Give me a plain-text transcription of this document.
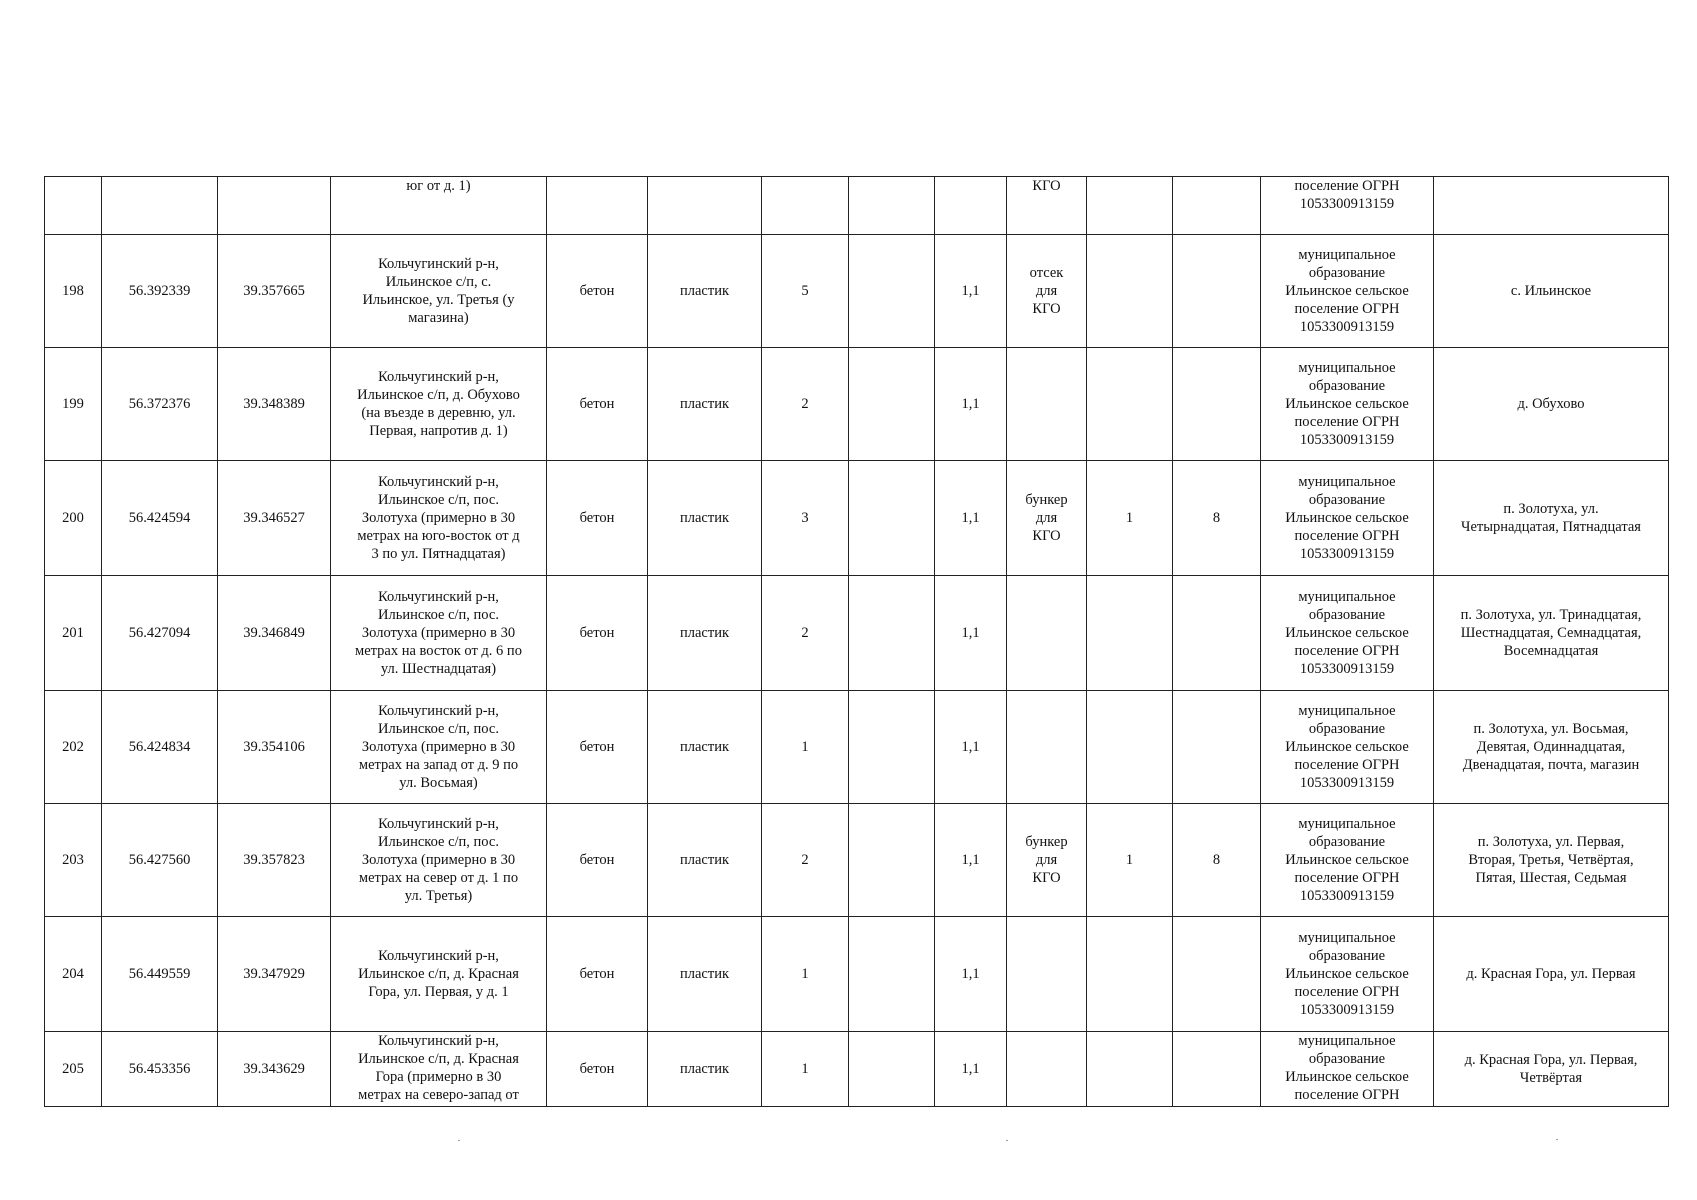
			юг от д. 1)						КГО			поселение ОГРН
1053300913159	
198	56.392339	39.357665	Кольчугинский р-н,
Ильинское с/п, с.
Ильинское, ул. Третья (у
магазина)	бетон	пластик	5		1,1	отсек
для
КГО			муниципальное
образование
Ильинское сельское
поселение ОГРН
1053300913159	с. Ильинское
199	56.372376	39.348389	Кольчугинский р-н,
Ильинское с/п, д. Обухово
(на въезде в деревню, ул.
Первая, напротив д. 1)	бетон	пластик	2		1,1				муниципальное
образование
Ильинское сельское
поселение ОГРН
1053300913159	д. Обухово
200	56.424594	39.346527	Кольчугинский р-н,
Ильинское с/п, пос.
Золотуха (примерно в 30
метрах на юго-восток от д
3 по ул. Пятнадцатая)	бетон	пластик	3		1,1	бункер
для
КГО	1	8	муниципальное
образование
Ильинское сельское
поселение ОГРН
1053300913159	п. Золотуха, ул.
Четырнадцатая, Пятнадцатая
201	56.427094	39.346849	Кольчугинский р-н,
Ильинское с/п, пос.
Золотуха (примерно в 30
метрах на восток от д. 6 по
ул. Шестнадцатая)	бетон	пластик	2		1,1				муниципальное
образование
Ильинское сельское
поселение ОГРН
1053300913159	п. Золотуха, ул. Тринадцатая,
Шестнадцатая, Семнадцатая,
Восемнадцатая
202	56.424834	39.354106	Кольчугинский р-н,
Ильинское с/п, пос.
Золотуха (примерно в 30
метрах на запад от д. 9 по
ул. Восьмая)	бетон	пластик	1		1,1				муниципальное
образование
Ильинское сельское
поселение ОГРН
1053300913159	п. Золотуха, ул. Восьмая,
Девятая, Одиннадцатая,
Двенадцатая, почта, магазин
203	56.427560	39.357823	Кольчугинский р-н,
Ильинское с/п, пос.
Золотуха (примерно в 30
метрах на север от д. 1 по
ул. Третья)	бетон	пластик	2		1,1	бункер
для
КГО	1	8	муниципальное
образование
Ильинское сельское
поселение ОГРН
1053300913159	п. Золотуха, ул. Первая,
Вторая, Третья, Четвёртая,
Пятая, Шестая, Седьмая
204	56.449559	39.347929	Кольчугинский р-н,
Ильинское с/п, д. Красная
Гора, ул. Первая, у д. 1	бетон	пластик	1		1,1				муниципальное
образование
Ильинское сельское
поселение ОГРН
1053300913159	д. Красная Гора, ул. Первая
205	56.453356	39.343629	Кольчугинский р-н,
Ильинское с/п, д. Красная
Гора (примерно в 30
метрах на северо-запад от	бетон	пластик	1		1,1				муниципальное
образование
Ильинское сельское
поселение ОГРН	д. Красная Гора, ул. Первая,
Четвёртая
